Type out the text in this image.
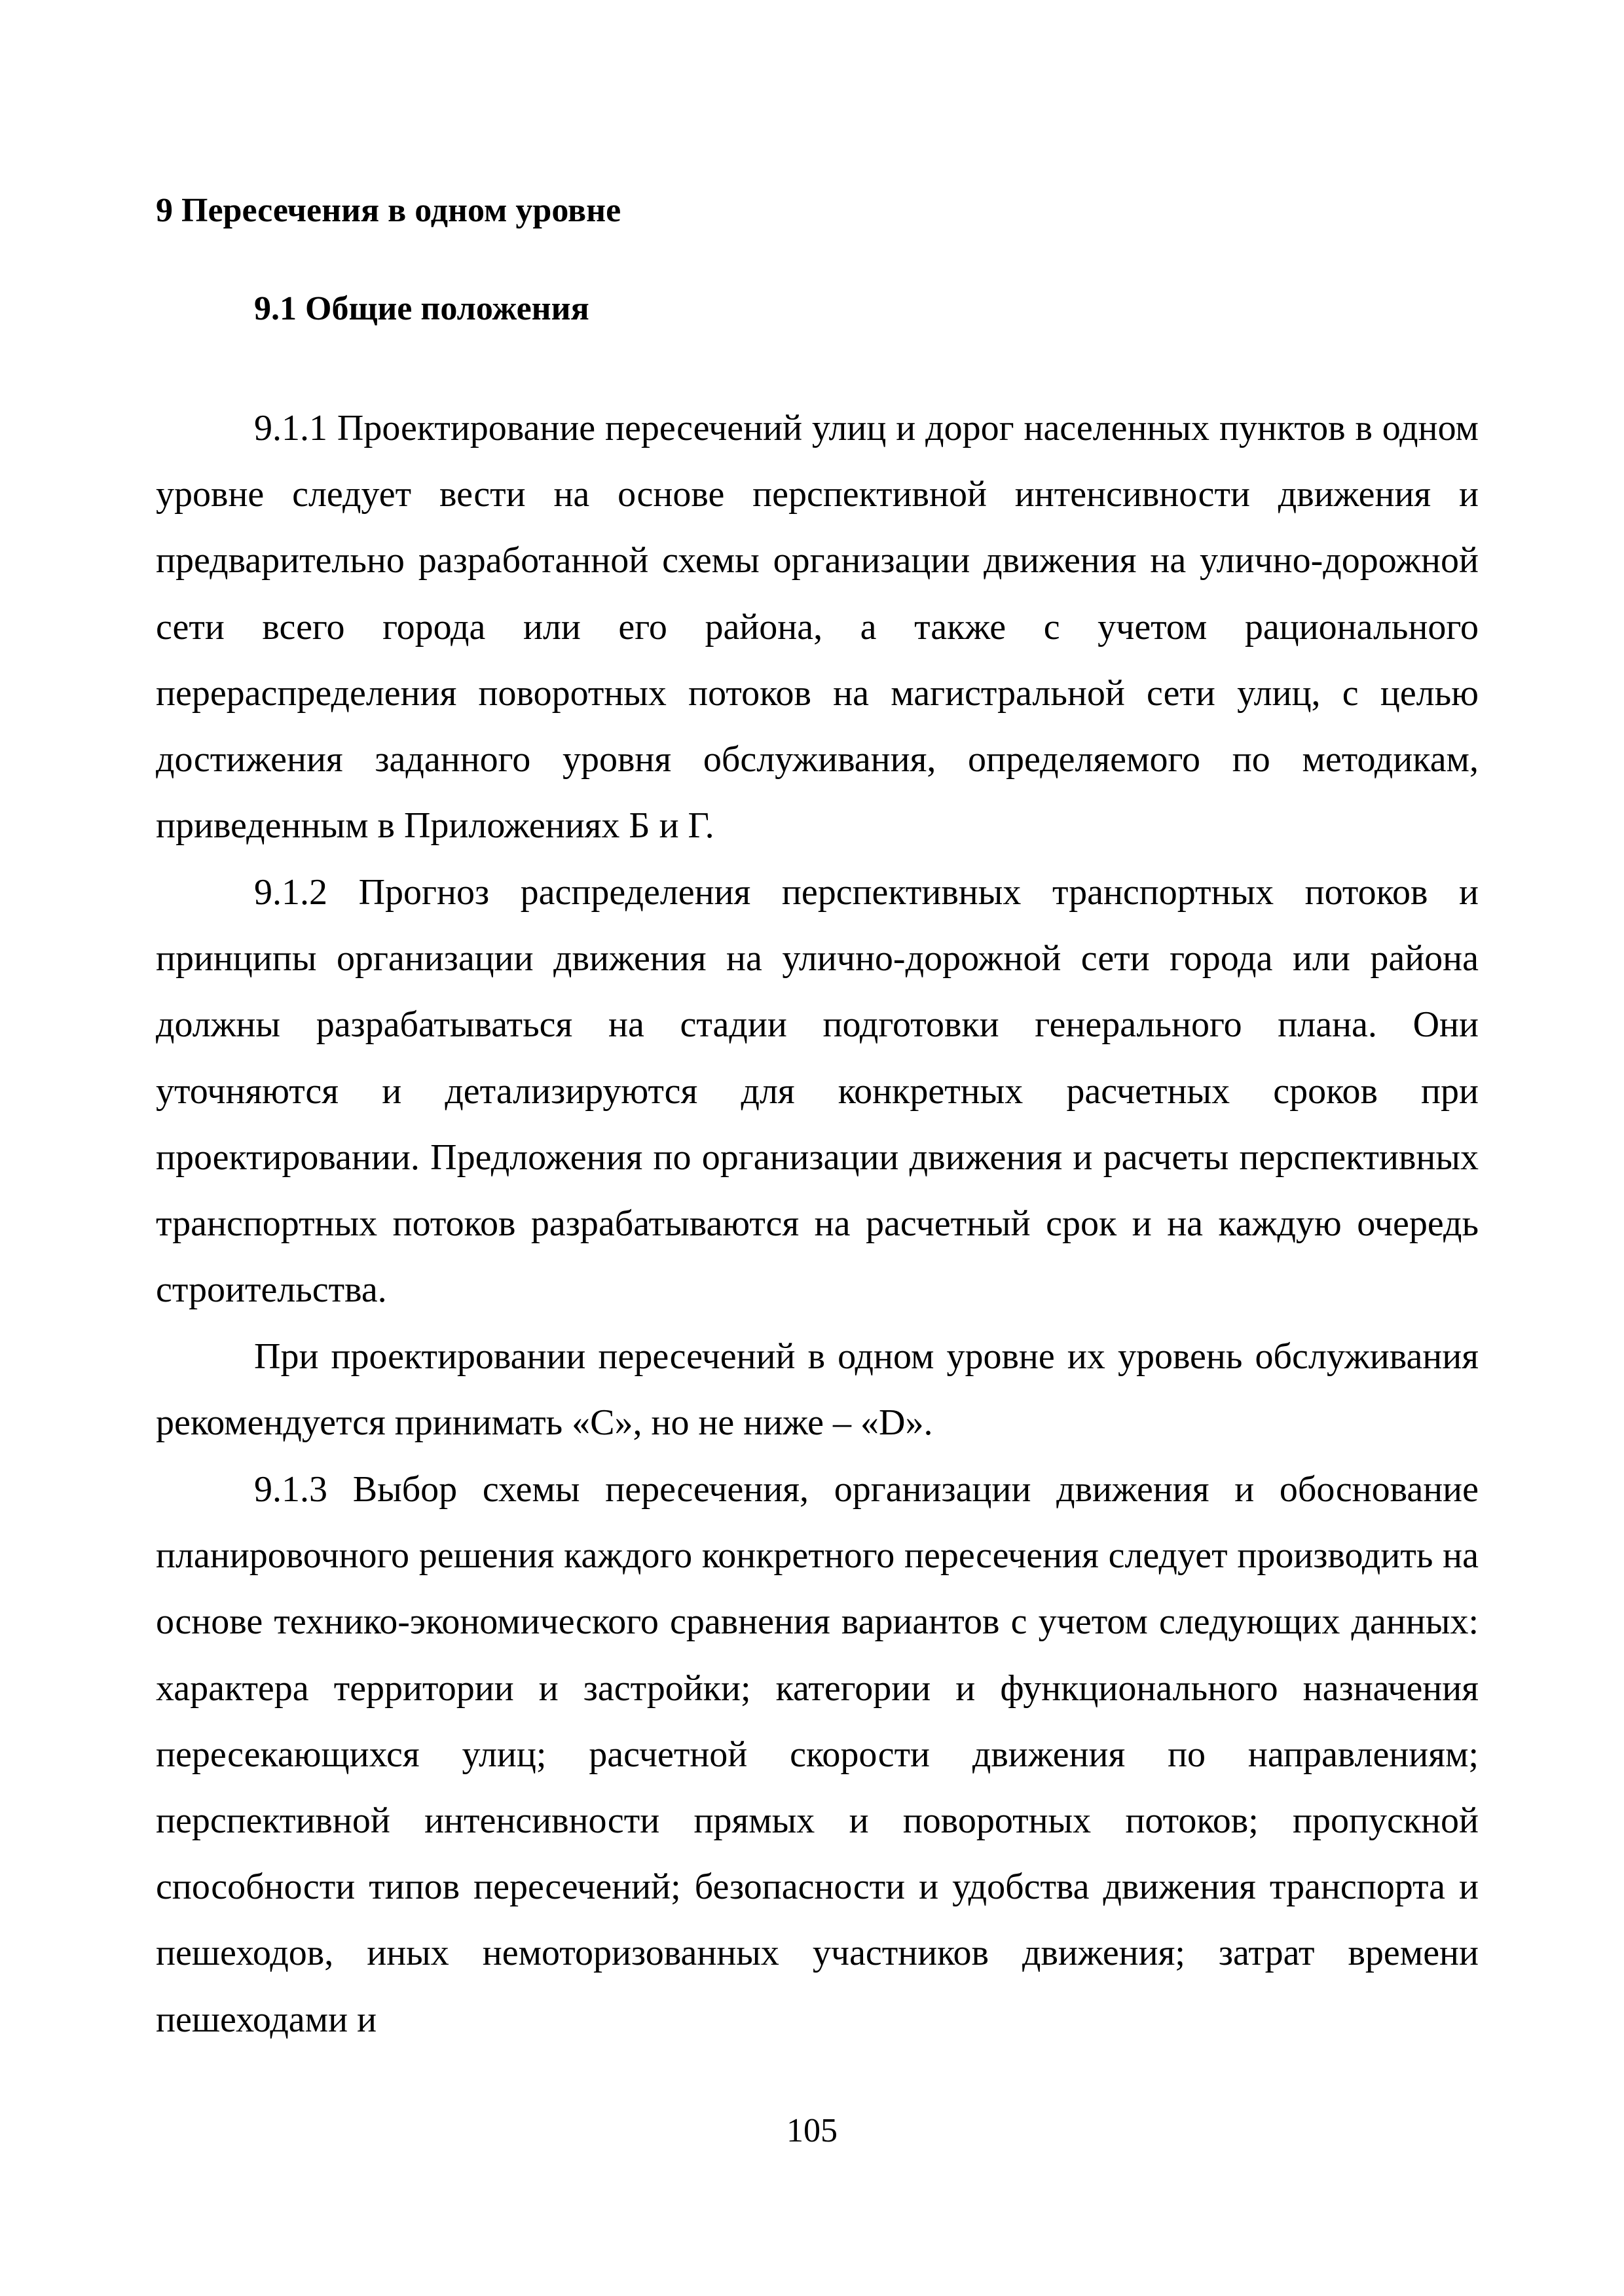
9 Пересечения в одном уровне
9.1 Общие положения

9.1.1 Проектирование пересечений улиц и дорог населенных пунктов в одном уровне следует вести на основе перспективной интенсивности движения и предварительно разработанной схемы организации движения на улично-дорожной сети всего города или его района, а также с учетом рационального перераспределения поворотных потоков на магистральной сети улиц, с целью достижения заданного уровня обслуживания, определяемого по методикам, приведенным в Приложениях Б и Г.

9.1.2 Прогноз распределения перспективных транспортных потоков и принципы организации движения на улично-дорожной сети города или района должны разрабатываться на стадии подготовки генерального плана. Они уточняются и детализируются для конкретных расчетных сроков при проектировании. Предложения по организации движения и расчеты перспективных транспортных потоков разрабатываются на расчетный срок и на каждую очередь строительства.

При проектировании пересечений в одном уровне их уровень обслуживания рекомендуется принимать «С», но не ниже – «D».

9.1.3 Выбор схемы пересечения, организации движения и обоснование планировочного решения каждого конкретного пересечения следует производить на основе технико-экономического сравнения вариантов с учетом следующих данных: характера территории и застройки; категории и функционального назначения пересекающихся улиц; расчетной скорости движения по направлениям; перспективной интенсивности прямых и поворотных потоков; пропускной способности типов пересечений; безопасности и удобства движения транспорта и пешеходов, иных немоторизованных участников движения; затрат времени пешеходами и

105
